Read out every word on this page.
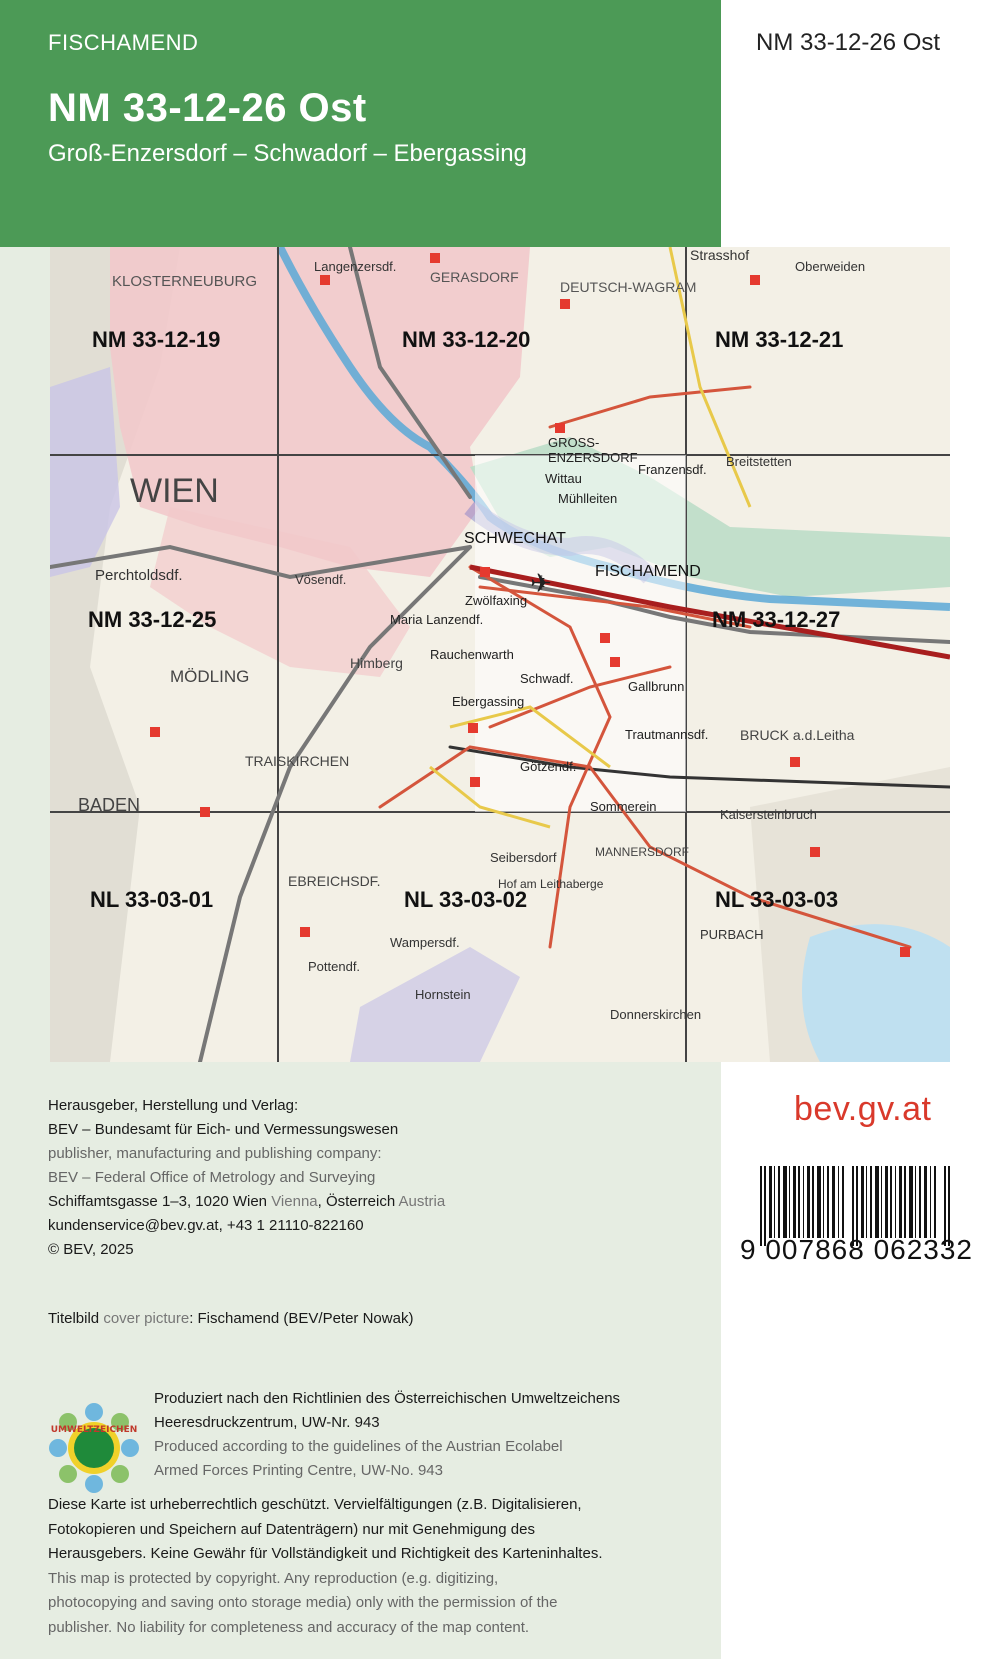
FISCHAMEND
NM 33-12-26 Ost
Groß-Enzersdorf – Schwadorf – Ebergassing
NM 33-12-26 Ost
✈
NM 33-12-19	NM 33-12-20	NM 33-12-21
NM 33-12-25	NM 33-12-27
NL 33-03-01	NL 33-03-02	NL 33-03-03
KLOSTERNEUBURG
Langenzersdf.
GERASDORF
DEUTSCH-WAGRAM
Strasshof
Oberweiden
WIEN
GROSS-ENZERSDORF
Wittau
Mühlleiten
Franzensdf.
Breitstetten
SCHWECHAT
FISCHAMEND
Perchtoldsdf.	Vösendf.
Zwölfaxing
Maria Lanzendf.
Rauchenwarth
Schwadf.
MÖDLING
Himberg
Ebergassing
Gallbrunn
Trautmannsdf.
TRAISKIRCHEN
BADEN
Götzendf.
Sommerein
BRUCK a.d.Leitha
Seibersdorf
EBREICHSDF.
MANNERSDORF
Hof am Leithaberge
Wampersdf.
Pottendf.
Hornstein
Donnerskirchen
PURBACH
Kaisersteinbruch
Herausgeber, Herstellung und Verlag:
BEV – Bundesamt für Eich- und Vermessungswesen
publisher, manufacturing and publishing company:
BEV – Federal Office of Metrology and Surveying
Schiffamtsgasse 1–3, 1020 Wien Vienna, Österreich Austria
kundenservice@bev.gv.at, +43 1 21110-822160
© BEV, 2025
Titelbild cover picture: Fischamend (BEV/Peter Nowak)
UMWELTZEICHEN
Produziert nach den Richtlinien des Österreichischen Umweltzeichens
Heeresdruckzentrum, UW-Nr. 943
Produced according to the guidelines of the Austrian Ecolabel
Armed Forces Printing Centre, UW-No. 943
Diese Karte ist urheberrechtlich geschützt. Vervielfältigungen (z.B. Digitalisieren,
Fotokopieren und Speichern auf Datenträgern) nur mit Genehmigung des
Herausgebers. Keine Gewähr für Vollständigkeit und Richtigkeit des Karteninhaltes.
This map is protected by copyright. Any reproduction (e.g. digitizing,
photocopying and saving onto storage media) only with the permission of the
publisher. No liability for completeness and accuracy of the map content.
bev.gv.at
9 007868 062332
